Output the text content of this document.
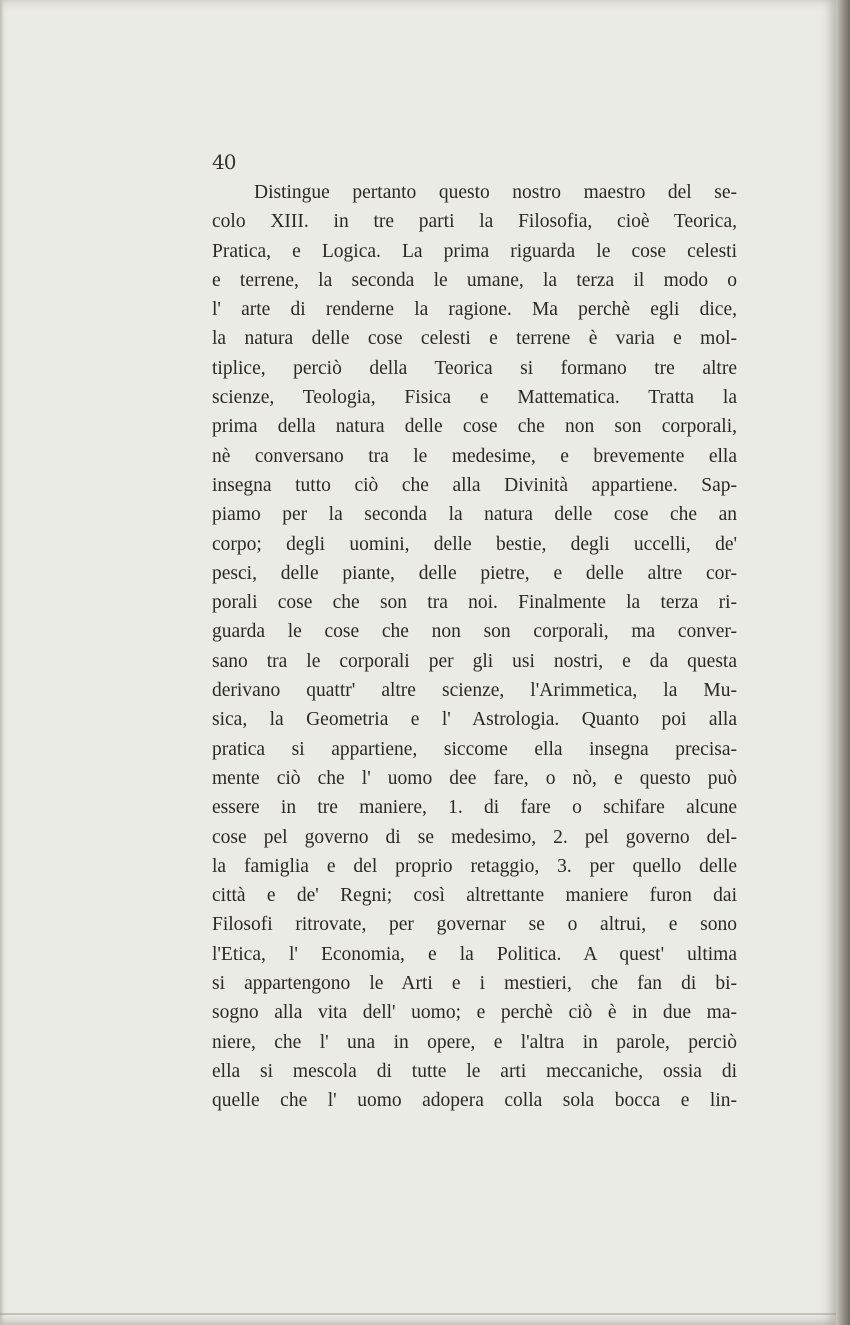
40
Distingue pertanto questo nostro maestro del se-
colo XIII. in tre parti la Filosofia, cioè Teorica,
Pratica, e Logica. La prima riguarda le cose celesti
e terrene, la seconda le umane, la terza il modo o
l' arte di renderne la ragione. Ma perchè egli dice,
la natura delle cose celesti e terrene è varia e mol-
tiplice, perciò della Teorica si formano tre altre
scienze, Teologia, Fisica e Mattematica. Tratta la
prima della natura delle cose che non son corporali,
nè conversano tra le medesime, e brevemente ella
insegna tutto ciò che alla Divinità appartiene. Sap-
piamo per la seconda la natura delle cose che an
corpo; degli uomini, delle bestie, degli uccelli, de'
pesci, delle piante, delle pietre, e delle altre cor-
porali cose che son tra noi. Finalmente la terza ri-
guarda le cose che non son corporali, ma conver-
sano tra le corporali per gli usi nostri, e da questa
derivano quattr' altre scienze, l'Arimmetica, la Mu-
sica, la Geometria e l' Astrologia. Quanto poi alla
pratica si appartiene, siccome ella insegna precisa-
mente ciò che l' uomo dee fare, o nò, e questo può
essere in tre maniere, 1. di fare o schifare alcune
cose pel governo di se medesimo, 2. pel governo del-
la famiglia e del proprio retaggio, 3. per quello delle
città e de' Regni; così altrettante maniere furon dai
Filosofi ritrovate, per governar se o altrui, e sono
l'Etica, l' Economia, e la Politica. A quest' ultima
si appartengono le Arti e i mestieri, che fan di bi-
sogno alla vita dell' uomo; e perchè ciò è in due ma-
niere, che l' una in opere, e l'altra in parole, perciò
ella si mescola di tutte le arti meccaniche, ossia di
quelle che l' uomo adopera colla sola bocca e lin-
